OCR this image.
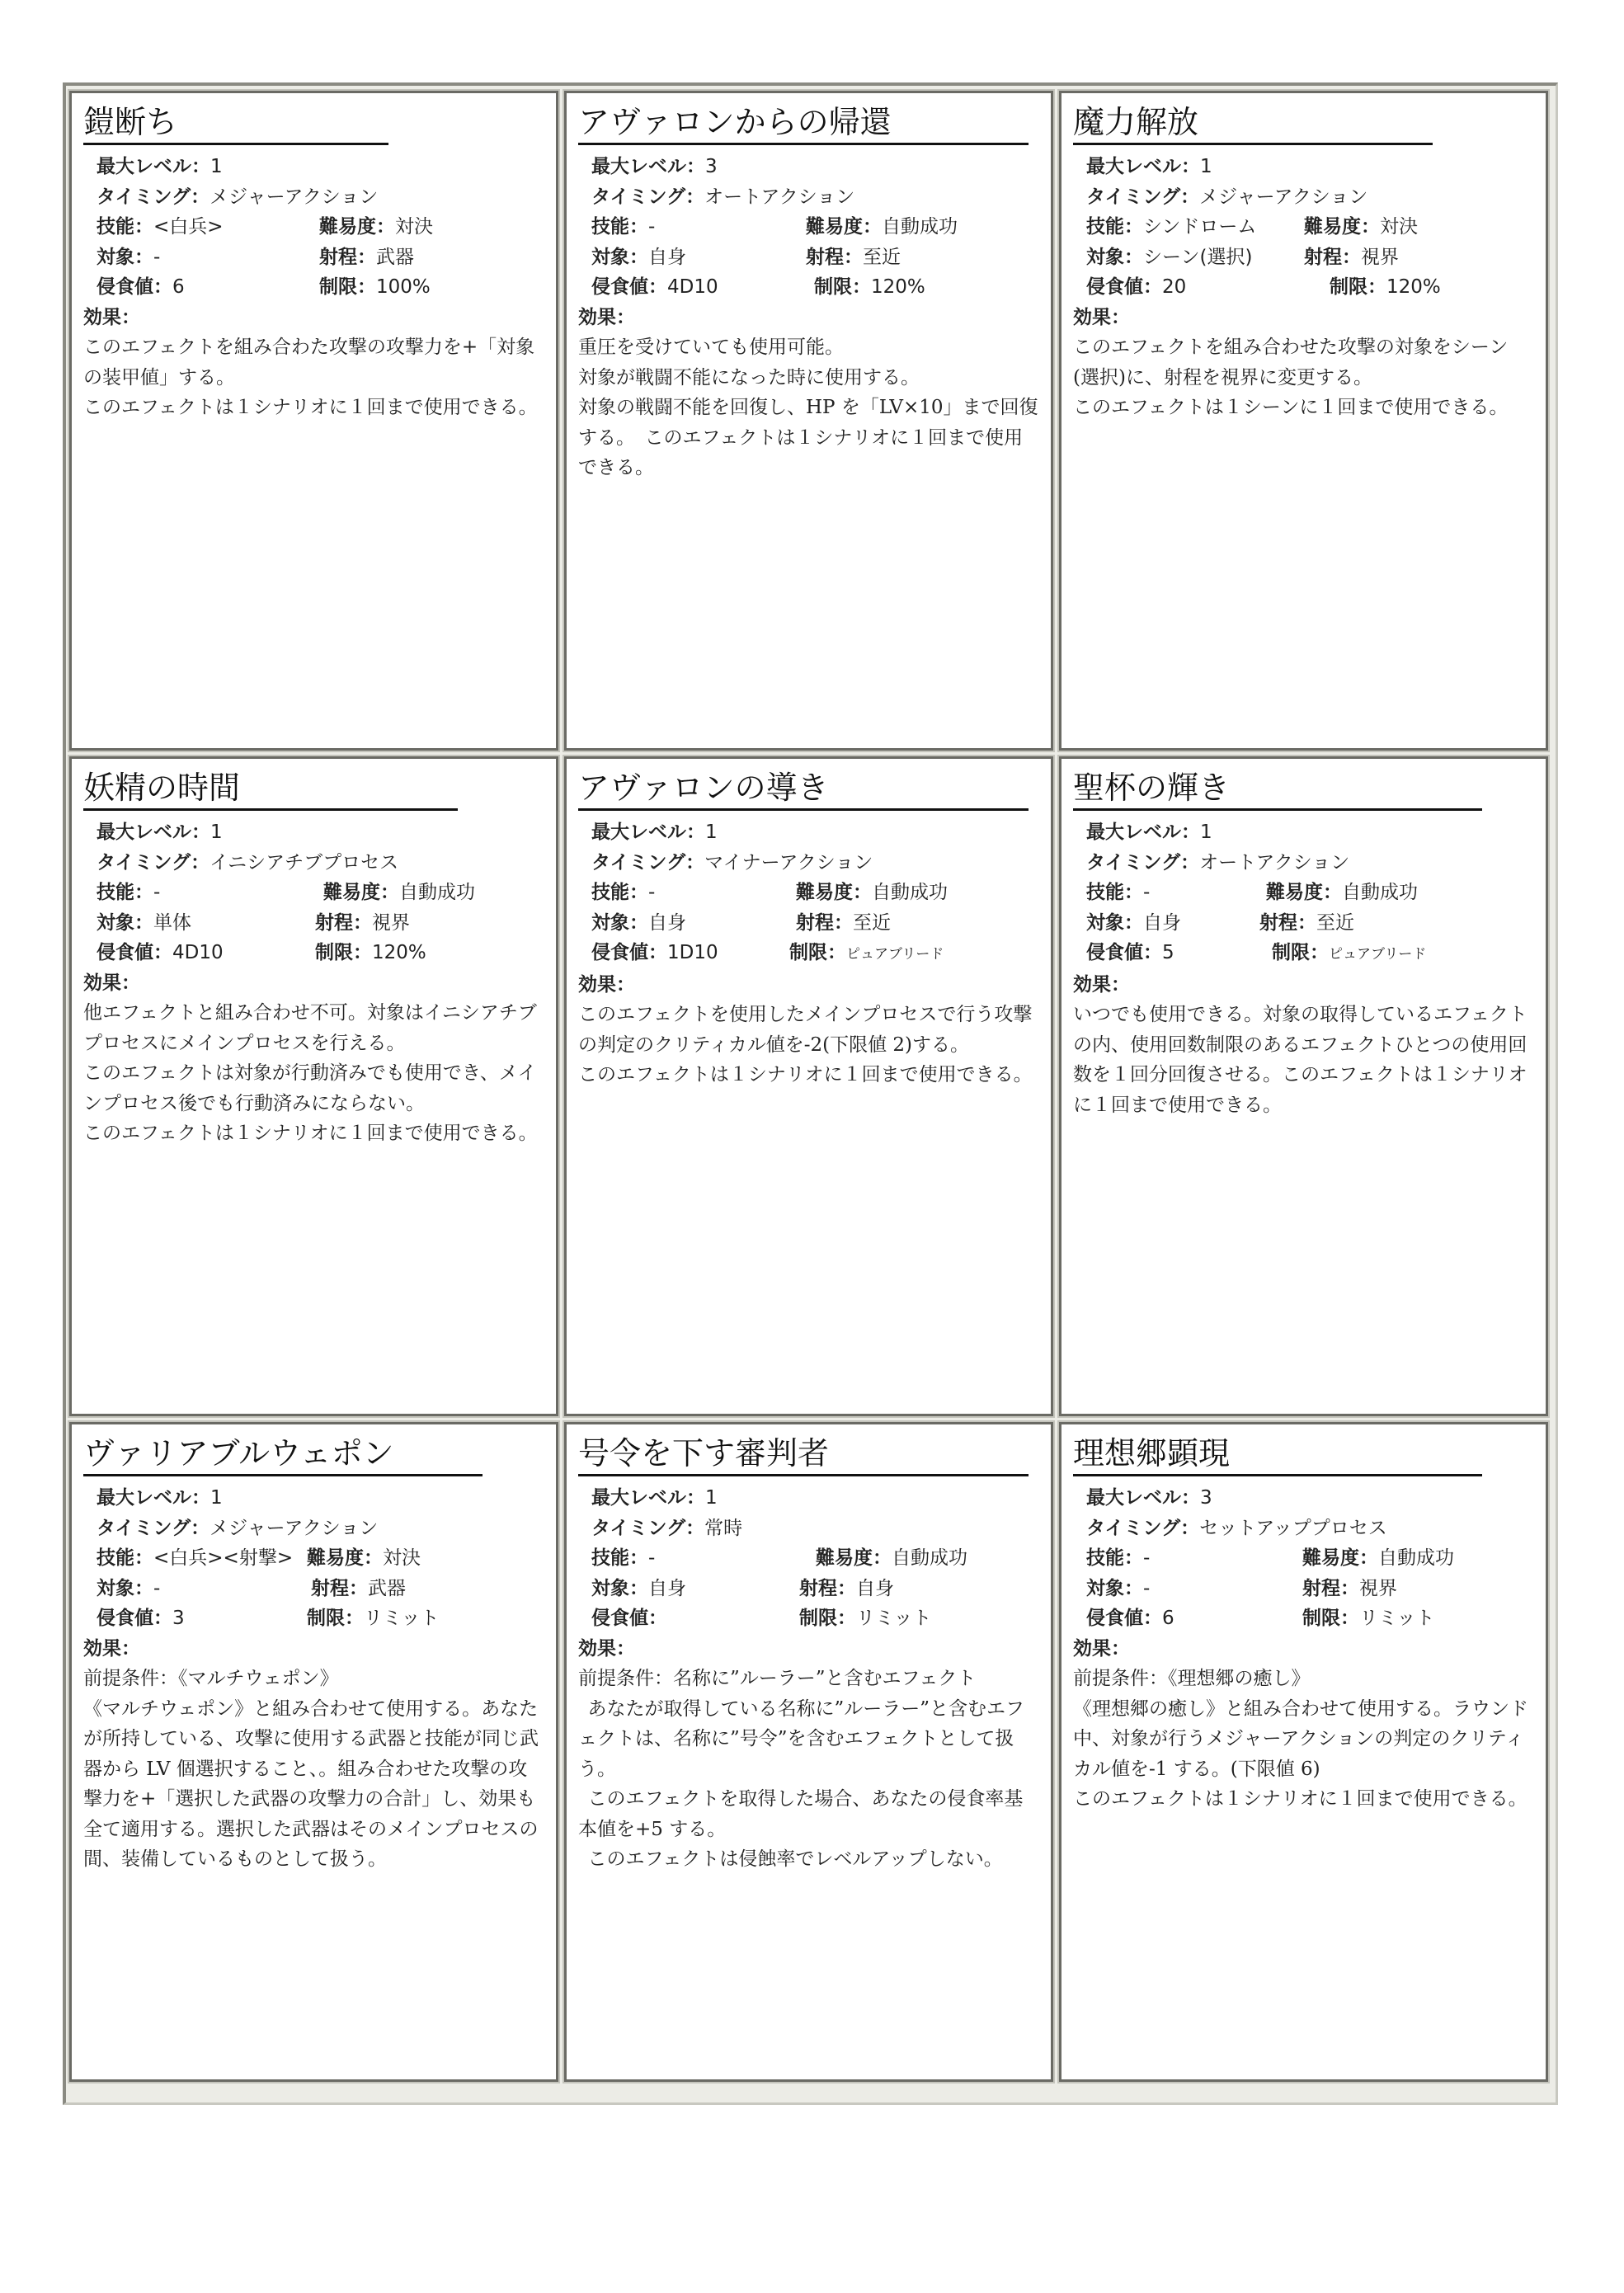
鎧断ち
最大レベル： 1
タイミング： メジャーアクション
技能：<白兵>	難易度：対決
対象：-	射程：武器
侵食値：6	制限：100%
効果：

このエフェクトを組み合わた攻撃の攻撃力を+「対象の装甲値」する。

このエフェクトは１シナリオに１回まで使用できる。

アヴァロンからの帰還
最大レベル： 3
タイミング： オートアクション
技能：-	難易度：自動成功
対象：自身	射程：至近
侵食値：4D10	制限：120%
効果：

重圧を受けていても使用可能。

対象が戦闘不能になった時に使用する。

対象の戦闘不能を回復し、HP を「LV×10」まで回復する。　このエフェクトは１シナリオに１回まで使用できる。

魔力解放
最大レベル： 1
タイミング： メジャーアクション
技能：シンドローム	難易度：対決
対象：シーン(選択)	射程：視界
侵食値：20	制限：120%
効果：

このエフェクトを組み合わせた攻撃の対象をシーン(選択)に、射程を視界に変更する。

このエフェクトは１シーンに１回まで使用できる。

妖精の時間
最大レベル： 1
タイミング： イニシアチブプロセス
技能：-	難易度：自動成功
対象：単体	射程：視界
侵食値：4D10	制限：120%
効果：

他エフェクトと組み合わせ不可。対象はイニシアチブプロセスにメインプロセスを行える。

このエフェクトは対象が行動済みでも使用でき、メインプロセス後でも行動済みにならない。

このエフェクトは１シナリオに１回まで使用できる。

アヴァロンの導き
最大レベル： 1
タイミング： マイナーアクション
技能：-	難易度：自動成功
対象：自身	射程：至近
侵食値：1D10	制限：ピュアブリード
効果：

このエフェクトを使用したメインプロセスで行う攻撃の判定のクリティカル値を-2(下限値 2)する。

このエフェクトは１シナリオに１回まで使用できる。

聖杯の輝き
最大レベル： 1
タイミング： オートアクション
技能：-	難易度：自動成功
対象：自身	射程：至近
侵食値：5	制限：ピュアブリード
効果：

いつでも使用できる。対象の取得しているエフェクトの内、使用回数制限のあるエフェクトひとつの使用回数を１回分回復させる。このエフェクトは１シナリオに１回まで使用できる。

ヴァリアブルウェポン
最大レベル： 1
タイミング： メジャーアクション
技能：<白兵><射撃> 難易度：対決
対象：-	射程：武器
侵食値：3	制限：リミット
効果：

前提条件：《マルチウェポン》

《マルチウェポン》と組み合わせて使用する。あなたが所持している、攻撃に使用する武器と技能が同じ武器から LV 個選択すること、。組み合わせた攻撃の攻撃力を+「選択した武器の攻撃力の合計」し、効果も全て適用する。選択した武器はそのメインプロセスの間、装備しているものとして扱う。

号令を下す審判者
最大レベル： 1
タイミング： 常時
技能：-	難易度：自動成功
対象：自身	射程：自身
侵食値：	制限：リミット
効果：

前提条件：名称に”ルーラー”と含むエフェクト

あなたが取得している名称に”ルーラー”と含むエフェクトは、名称に”号令”を含むエフェクトとして扱う。

このエフェクトを取得した場合、あなたの侵食率基本値を+5 する。

このエフェクトは侵蝕率でレベルアップしない。

理想郷顕現
最大レベル： 3
タイミング： セットアッププロセス
技能：-	難易度：自動成功
対象：-	射程：視界
侵食値：6	制限：リミット
効果：

前提条件：《理想郷の癒し》

《理想郷の癒し》と組み合わせて使用する。ラウンド中、対象が行うメジャーアクションの判定のクリティカル値を-1 する。(下限値 6)

このエフェクトは１シナリオに１回まで使用できる。
